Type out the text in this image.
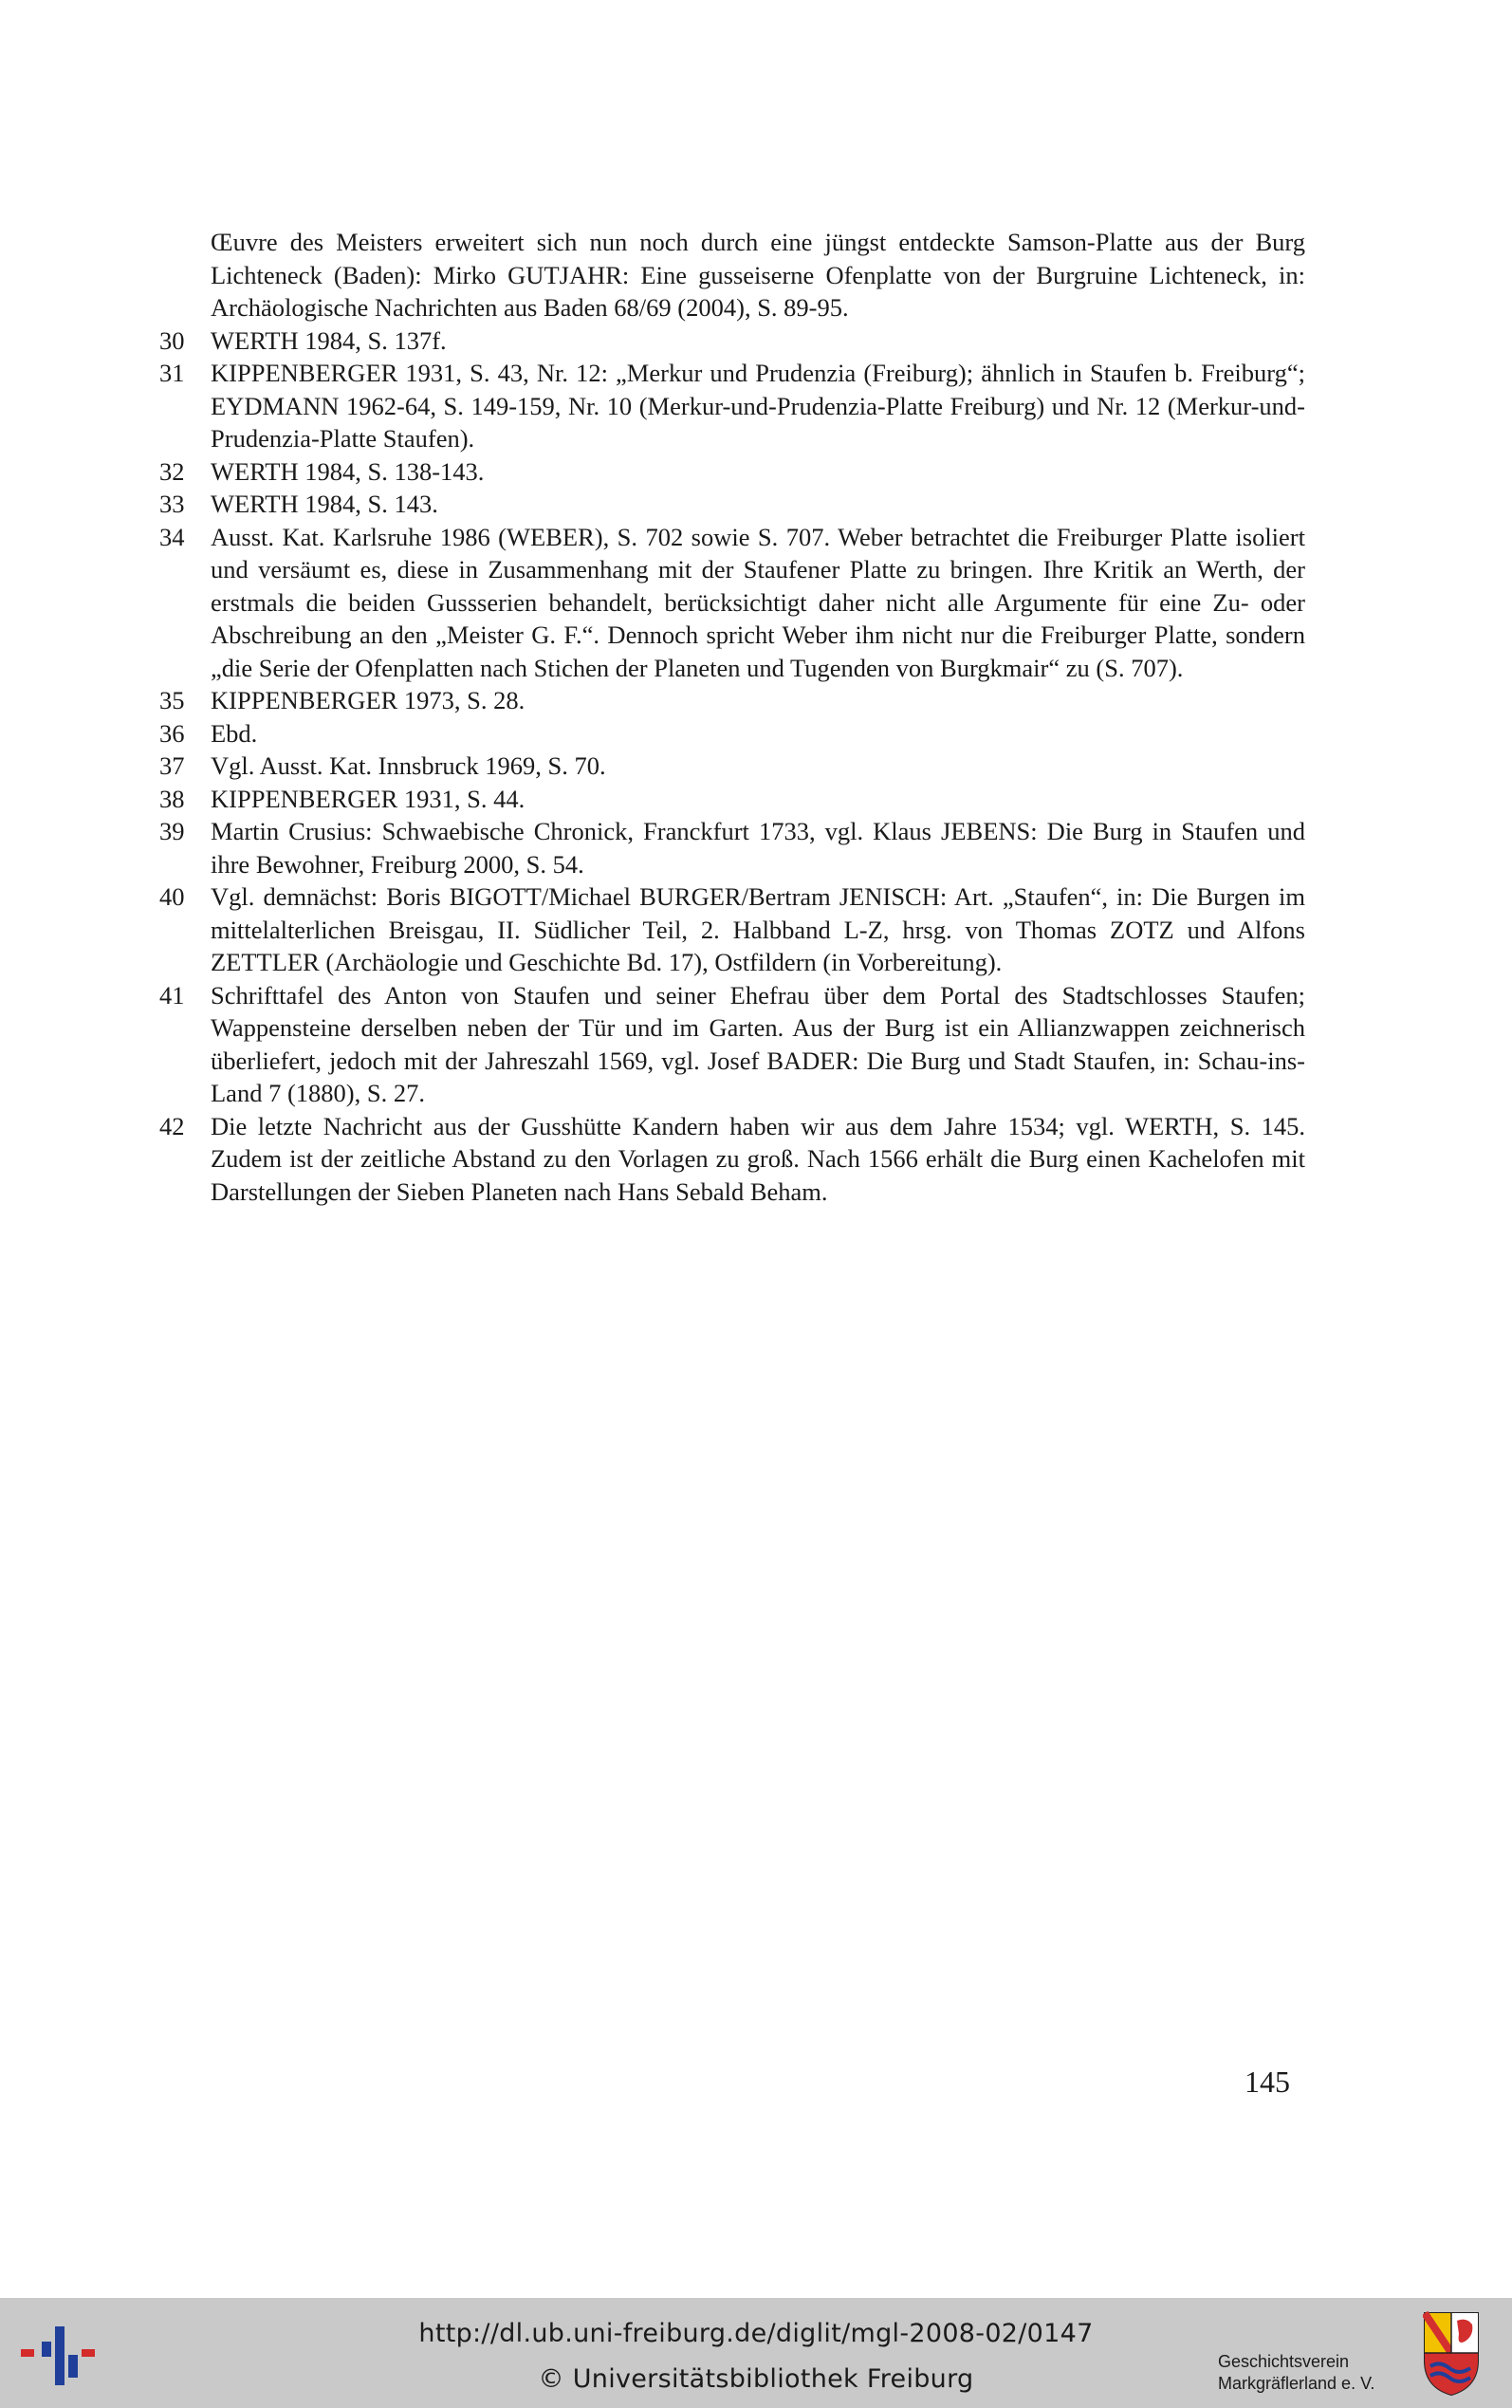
Œuvre des Meisters erweitert sich nun noch durch eine jüngst entdeckte Samson-Platte aus der Burg Lichteneck (Baden): Mirko GUTJAHR: Eine gusseiserne Ofenplatte von der Burgruine Lichteneck, in: Archäologische Nachrichten aus Baden 68/69 (2004), S. 89-95.
30	WERTH 1984, S. 137f.
31	KIPPENBERGER 1931, S. 43, Nr. 12: „Merkur und Prudenzia (Freiburg); ähnlich in Staufen b. Freiburg“; EYDMANN 1962-64, S. 149-159, Nr. 10 (Merkur-und-Prudenzia-Platte Freiburg) und Nr. 12 (Merkur-und-Prudenzia-Platte Staufen).
32	WERTH 1984, S. 138-143.
33	WERTH 1984, S. 143.
34	Ausst. Kat. Karlsruhe 1986 (WEBER), S. 702 sowie S. 707. Weber betrachtet die Freiburger Platte isoliert und versäumt es, diese in Zusammenhang mit der Staufener Platte zu bringen. Ihre Kritik an Werth, der erstmals die beiden Gussserien behandelt, berücksichtigt daher nicht alle Argumente für eine Zu- oder Abschreibung an den „Meister G. F.“. Dennoch spricht Weber ihm nicht nur die Freiburger Platte, sondern „die Serie der Ofenplatten nach Stichen der Planeten und Tugenden von Burgkmair“ zu (S. 707).
35	KIPPENBERGER 1973, S. 28.
36	Ebd.
37	Vgl. Ausst. Kat. Innsbruck 1969, S. 70.
38	KIPPENBERGER 1931, S. 44.
39	Martin Crusius: Schwaebische Chronick, Franckfurt 1733, vgl. Klaus JEBENS: Die Burg in Staufen und ihre Bewohner, Freiburg 2000, S. 54.
40	Vgl. demnächst: Boris BIGOTT/Michael BURGER/Bertram JENISCH: Art. „Staufen“, in: Die Burgen im mittelalterlichen Breisgau, II. Südlicher Teil, 2. Halbband L-Z, hrsg. von Thomas ZOTZ und Alfons ZETTLER (Archäologie und Geschichte Bd. 17), Ostfildern (in Vorbereitung).
41	Schrifttafel des Anton von Staufen und seiner Ehefrau über dem Portal des Stadtschlosses Staufen; Wappensteine derselben neben der Tür und im Garten. Aus der Burg ist ein Allianzwappen zeichnerisch überliefert, jedoch mit der Jahreszahl 1569, vgl. Josef BADER: Die Burg und Stadt Staufen, in: Schau-ins-Land 7 (1880), S. 27.
42	Die letzte Nachricht aus der Gusshütte Kandern haben wir aus dem Jahre 1534; vgl. WERTH, S. 145. Zudem ist der zeitliche Abstand zu den Vorlagen zu groß. Nach 1566 erhält die Burg einen Kachelofen mit Darstellungen der Sieben Planeten nach Hans Sebald Beham.
145
http://dl.ub.uni-freiburg.de/diglit/mgl-2008-02/0147
© Universitätsbibliothek Freiburg
Geschichtsverein
Markgräflerland e. V.
